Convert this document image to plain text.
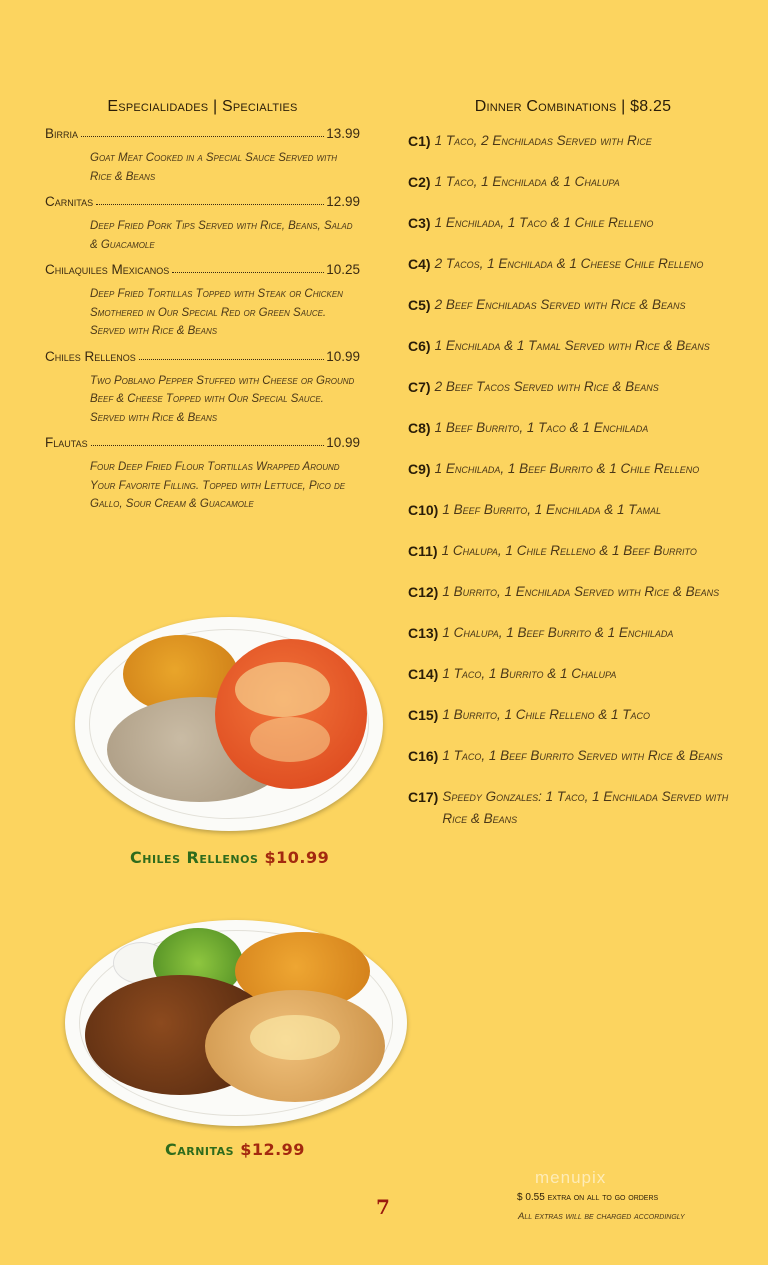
Especialidades | Specialties
Birria	13.99
Goat Meat Cooked in a Special Sauce Served with Rice & Beans
Carnitas	12.99
Deep Fried Pork Tips Served with Rice, Beans, Salad & Guacamole
Chilaquiles Mexicanos	10.25
Deep Fried Tortillas Topped with Steak or Chicken Smothered in Our Special Red or Green Sauce. Served with Rice & Beans
Chiles Rellenos	10.99
Two Poblano Pepper Stuffed with Cheese or Ground Beef & Cheese Topped with Our Special Sauce. Served with Rice & Beans
Flautas	10.99
Four Deep Fried Flour Tortillas Wrapped Around Your Favorite Filling. Topped with Lettuce, Pico de Gallo, Sour Cream & Guacamole
Dinner Combinations | $8.25
C1) 1 Taco, 2 Enchiladas Served with Rice
C2) 1 Taco, 1 Enchilada & 1 Chalupa
C3) 1 Enchilada, 1 Taco & 1 Chile Relleno
C4) 2 Tacos, 1 Enchilada & 1 Cheese Chile Relleno
C5) 2 Beef Enchiladas Served with Rice & Beans
C6) 1 Enchilada & 1 Tamal Served with Rice & Beans
C7) 2 Beef Tacos Served with Rice & Beans
C8) 1 Beef Burrito, 1 Taco & 1 Enchilada
C9) 1 Enchilada, 1 Beef Burrito & 1 Chile Relleno
C10) 1 Beef Burrito, 1 Enchilada & 1 Tamal
C11) 1 Chalupa, 1 Chile Relleno & 1 Beef Burrito
C12) 1 Burrito, 1 Enchilada Served with Rice & Beans
C13) 1 Chalupa, 1 Beef Burrito & 1 Enchilada
C14) 1 Taco, 1 Burrito & 1 Chalupa
C15) 1 Burrito, 1 Chile Relleno & 1 Taco
C16) 1 Taco, 1 Beef Burrito Served with Rice & Beans
C17) Speedy Gonzales: 1 Taco, 1 Enchilada Served with Rice & Beans
Chiles Rellenos $10.99
Carnitas $12.99
menupix
7	$ 0.55 extra on all to go orders
All extras will be charged accordingly
